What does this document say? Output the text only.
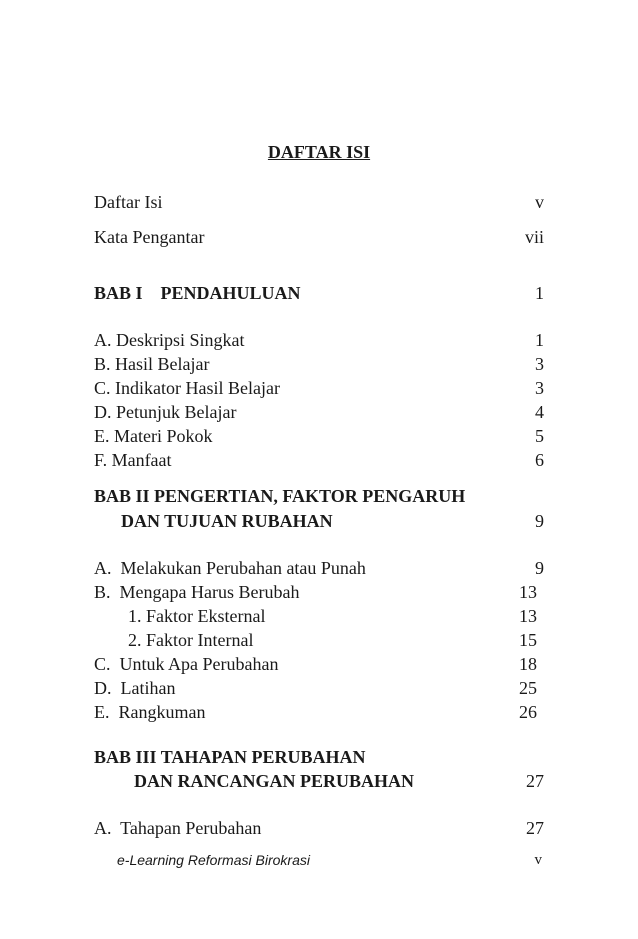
DAFTAR ISI
Daftar Isi	v
Kata Pengantar	vii
BAB I    PENDAHULUAN	1
A. Deskripsi Singkat	1
B. Hasil Belajar	3
C. Indikator Hasil Belajar	3
D. Petunjuk Belajar	4
E. Materi Pokok	5
F. Manfaat	6
BAB II PENGERTIAN, FAKTOR PENGARUH
DAN TUJUAN RUBAHAN	9
A.  Melakukan Perubahan atau Punah	9
B.  Mengapa Harus Berubah	13
1. Faktor Eksternal	13
2. Faktor Internal	15
C.  Untuk Apa Perubahan	18
D.  Latihan	25
E.  Rangkuman	26
BAB III TAHAPAN PERUBAHAN
DAN RANCANGAN PERUBAHAN	27
A.  Tahapan Perubahan	27
e-Learning Reformasi Birokrasi	v
